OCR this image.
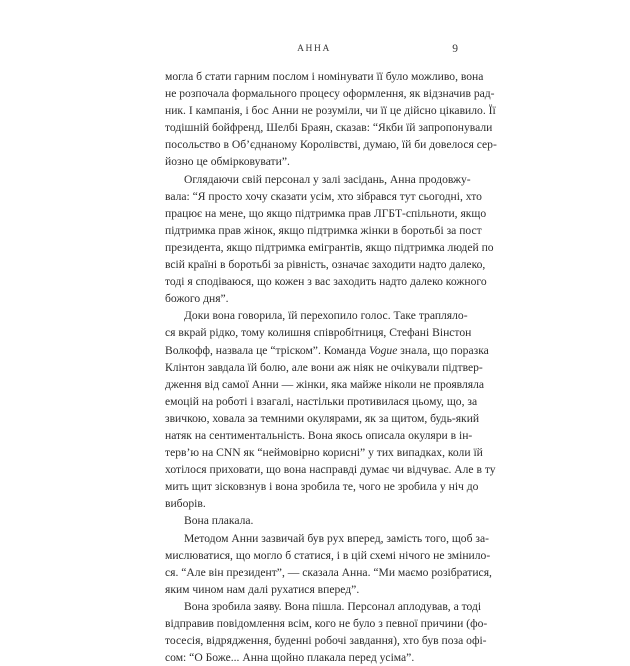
АННА	9
могла б стати гарним послом і номінувати її було можливо, вона
не розпочала формального процесу оформлення, як відзначив рад-
ник. І кампанія, і бос Анни не розуміли, чи її це дійсно цікавило. Її
тодішній бойфренд, Шелбі Браян, сказав: “Якби їй запропонували
посольство в Об’єднаному Королівстві, думаю, їй би довелося сер-
йозно це обмірковувати”.
Оглядаючи свій персонал у залі засідань, Анна продовжу-
вала: “Я просто хочу сказати усім, хто зібрався тут сьогодні, хто
працює на мене, що якщо підтримка прав ЛГБТ-спільноти, якщо
підтримка прав жінок, якщо підтримка жінки в боротьбі за пост
президента, якщо підтримка емігрантів, якщо підтримка людей по
всій країні в боротьбі за рівність, означає заходити надто далеко,
тоді я сподіваюся, що кожен з вас заходить надто далеко кожного
божого дня”.
Доки вона говорила, їй перехопило голос. Таке траплялo-
ся вкрай рідко, тому колишня співробітниця, Стефані Вінстон
Волкофф, назвала це “тріском”. Команда Vogue знала, що поразка
Клінтон завдала їй болю, але вони аж ніяк не очікували підтвер-
дження від самої Анни — жінки, яка майже ніколи не проявляла
емоцій на роботі і взагалі, настільки противилася цьому, що, за
звичкою, ховала за темними окулярами, як за щитом, будь-який
натяк на сентиментальність. Вона якось описала окуляри в ін-
терв’ю на CNN як “неймовірно корисні” у тих випадках, коли їй
хотілося приховати, що вона насправді думає чи відчуває. Але в ту
мить щит зісковзнув і вона зробила те, чого не зробила у ніч до
виборів.
Вона плакала.
Методом Анни зазвичай був рух вперед, замість того, щоб за-
мислюватися, що могло б статися, і в цій схемі нічого не змінило-
ся. “Але він президент”, — сказала Анна. “Ми маємо розібратися,
яким чином нам далі рухатися вперед”.
Вона зробила заяву. Вона пішла. Персонал аплодував, а тоді
відправив повідомлення всім, кого не було з певної причини (фо-
тосесія, відрядження, буденні робочі завдання), хто був поза офі-
сом: “О Боже... Анна щойно плакала перед усіма”.
